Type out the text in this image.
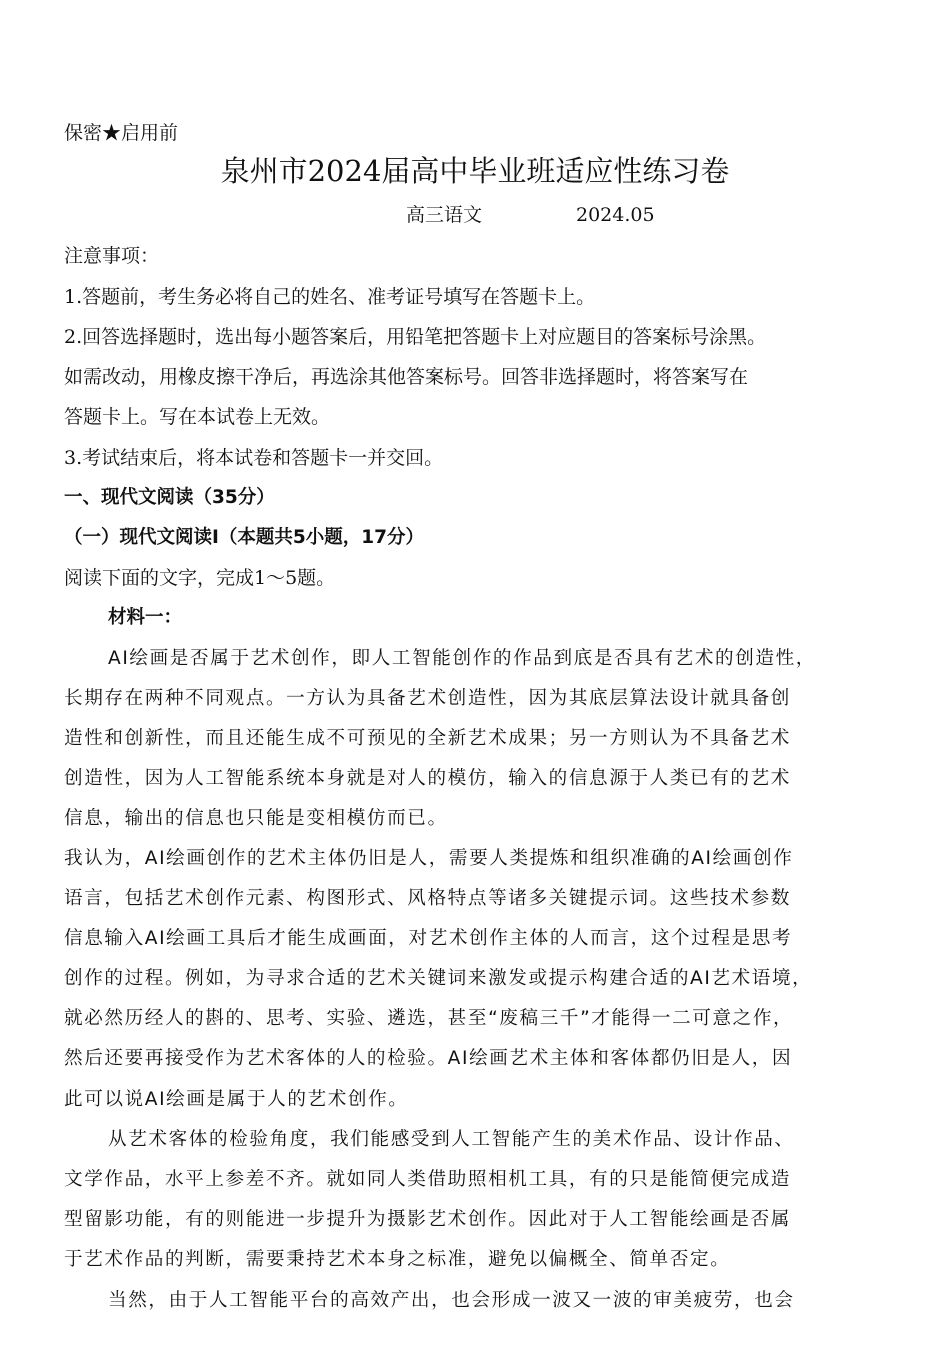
保密★启用前
泉州市2024届高中毕业班适应性练习卷
高三语文	2024.05
注意事项：
1.答题前，考生务必将自己的姓名、准考证号填写在答题卡上。
2.回答选择题时，选出每小题答案后，用铅笔把答题卡上对应题目的答案标号涂黑。
如需改动，用橡皮擦干净后，再选涂其他答案标号。回答非选择题时，将答案写在
答题卡上。写在本试卷上无效。
3.考试结束后，将本试卷和答题卡一并交回。
一、现代文阅读（35分）
（一）现代文阅读Ⅰ（本题共5小题，17分）
阅读下面的文字，完成1～5题。
材料一：
AI绘画是否属于艺术创作，即人工智能创作的作品到底是否具有艺术的创造性，
长期存在两种不同观点。一方认为具备艺术创造性，因为其底层算法设计就具备创
造性和创新性，而且还能生成不可预见的全新艺术成果；另一方则认为不具备艺术
创造性，因为人工智能系统本身就是对人的模仿，输入的信息源于人类已有的艺术
信息，输出的信息也只能是变相模仿而已。
我认为，AI绘画创作的艺术主体仍旧是人，需要人类提炼和组织准确的AI绘画创作
语言，包括艺术创作元素、构图形式、风格特点等诸多关键提示词。这些技术参数
信息输入AI绘画工具后才能生成画面，对艺术创作主体的人而言，这个过程是思考
创作的过程。例如，为寻求合适的艺术关键词来激发或提示构建合适的AI艺术语境，
就必然历经人的斟的、思考、实验、遴选，甚至“废稿三千”才能得一二可意之作，
然后还要再接受作为艺术客体的人的检验。AI绘画艺术主体和客体都仍旧是人，因
此可以说AI绘画是属于人的艺术创作。
从艺术客体的检验角度，我们能感受到人工智能产生的美术作品、设计作品、
文学作品，水平上参差不齐。就如同人类借助照相机工具，有的只是能简便完成造
型留影功能，有的则能进一步提升为摄影艺术创作。因此对于人工智能绘画是否属
于艺术作品的判断，需要秉持艺术本身之标准，避免以偏概全、简单否定。
当然，由于人工智能平台的高效产出，也会形成一波又一波的审美疲劳，也会
